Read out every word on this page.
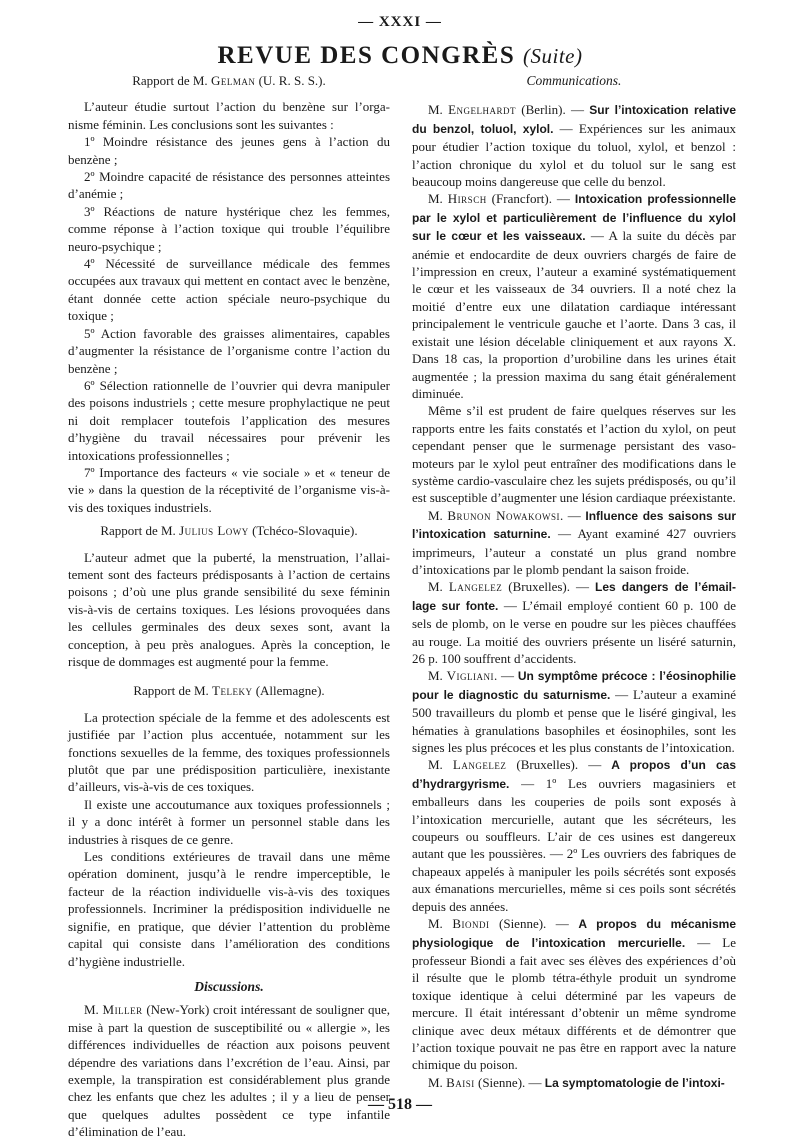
— XXXI —
REVUE DES CONGRÈS (Suite)

Rapport de M. Gelman (U. R. S. S.).

L’auteur étudie surtout l’action du benzène sur l’organisme féminin. Les conclusions sont les suivantes :

1º Moindre résistance des jeunes gens à l’action du benzène ;

2º Moindre capacité de résistance des personnes atteintes d’anémie ;

3º Réactions de nature hystérique chez les femmes, comme réponse à l’action toxique qui trouble l’équilibre neuro-psychique ;

4º Nécessité de surveillance médicale des femmes occupées aux travaux qui mettent en contact avec le benzène, étant donnée cette action spéciale neuro-psychique du toxique ;

5º Action favorable des graisses alimentaires, capables d’augmenter la résistance de l’organisme contre l’action du benzène ;

6º Sélection rationnelle de l’ouvrier qui devra manipuler des poisons industriels ; cette mesure prophylactique ne peut ni doit remplacer toutefois l’application des mesures d’hygiène du travail nécessaires pour prévenir les intoxications professionnelles ;

7º Importance des facteurs « vie sociale » et « teneur de vie » dans la question de la réceptivité de l’organisme vis-à-vis des toxiques industriels.

Rapport de M. Julius Lowy (Tchéco-Slovaquie).

L’auteur admet que la puberté, la menstruation, l’allaitement sont des facteurs prédisposants à l’action de certains poisons ; d’où une plus grande sensibilité du sexe féminin vis-à-vis de certains toxiques. Les lésions provoquées dans les cellules germinales des deux sexes sont, avant la conception, à peu près analogues. Après la conception, le risque de dommages est augmenté pour la femme.

Rapport de M. Teleky (Allemagne).

La protection spéciale de la femme et des adolescents est justifiée par l’action plus accentuée, notamment sur les fonctions sexuelles de la femme, des toxiques professionnels plutôt que par une prédisposition particulière, inexistante d’ailleurs, vis-à-vis de ces toxiques.

Il existe une accoutumance aux toxiques professionnels ; il y a donc intérêt à former un personnel stable dans les industries à risques de ce genre.

Les conditions extérieures de travail dans une même opération dominent, jusqu’à le rendre imperceptible, le facteur de la réaction individuelle vis-à-vis des toxiques professionnels. Incriminer la prédisposition individuelle ne signifie, en pratique, que dévier l’attention du problème capital qui consiste dans l’amélioration des conditions d’hygiène industrielle.

Discussions.

M. Miller (New-York) croit intéressant de souligner que, mise à part la question de susceptibilité ou « allergie », les différences individuelles de réaction aux poisons peuvent dépendre des variations dans l’excrétion de l’eau. Ainsi, par exemple, la transpiration est considérablement plus grande chez les enfants que chez les adultes ; il y a lieu de penser que quelques adultes possèdent ce type infantile d’élimination de l’eau.

Communications.

M. Engelhardt (Berlin). — Sur l’intoxication relative du benzol, toluol, xylol. — Expériences sur les animaux pour étudier l’action toxique du toluol, xylol, et benzol : l’action chronique du xylol et du toluol sur le sang est beaucoup moins dangereuse que celle du benzol.

M. Hirsch (Francfort). — Intoxication professionnelle par le xylol et particulièrement de l’influence du xylol sur le cœur et les vaisseaux. — A la suite du décès par anémie et endocardite de deux ouvriers chargés de faire de l’impression en creux, l’auteur a examiné systématiquement le cœur et les vaisseaux de 34 ouvriers. Il a noté chez la moitié d’entre eux une dilatation cardiaque intéressant principalement le ventricule gauche et l’aorte. Dans 3 cas, il existait une lésion décelable cliniquement et aux rayons X. Dans 18 cas, la proportion d’urobiline dans les urines était augmentée ; la pression maxima du sang était généralement diminuée.

Même s’il est prudent de faire quelques réserves sur les rapports entre les faits constatés et l’action du xylol, on peut cependant penser que le surmenage persistant des vaso-moteurs par le xylol peut entraîner des modifications dans le système cardio-vasculaire chez les sujets prédisposés, ou qu’il est susceptible d’augmenter une lésion cardiaque préexistante.

M. Brunon Nowakowsi. — Influence des saisons sur l’intoxication saturnine. — Ayant examiné 427 ouvriers imprimeurs, l’auteur a constaté un plus grand nombre d’intoxications par le plomb pendant la saison froide.

M. Langelez (Bruxelles). — Les dangers de l’émaillage sur fonte. — L’émail employé contient 60 p. 100 de sels de plomb, on le verse en poudre sur les pièces chauffées au rouge. La moitié des ouvriers présente un liséré saturnin, 26 p. 100 souffrent d’accidents.

M. Vigliani. — Un symptôme précoce : l’éosinophilie pour le diagnostic du saturnisme. — L’auteur a examiné 500 travailleurs du plomb et pense que le liséré gingival, les hématies à granulations basophiles et éosinophiles, sont les signes les plus précoces et les plus constants de l’intoxication.

M. Langelez (Bruxelles). — A propos d’un cas d’hydrargyrisme. — 1º Les ouvriers magasiniers et emballeurs dans les couperies de poils sont exposés à l’intoxication mercurielle, autant que les sécréteurs, les coupeurs ou souffleurs. L’air de ces usines est dangereux autant que les poussières. — 2º Les ouvriers des fabriques de chapeaux appelés à manipuler les poils sécrétés sont exposés aux émanations mercurielles, même si ces poils sont sécrétés depuis des années.

M. Biondi (Sienne). — A propos du mécanisme physiologique de l’intoxication mercurielle. — Le professeur Biondi a fait avec ses élèves des expériences d’où il résulte que le plomb tétra-éthyle produit un syndrome toxique identique à celui déterminé par les vapeurs de mercure. Il était intéressant d’obtenir un même syndrome clinique avec deux métaux différents et de démontrer que l’action toxique pouvait ne pas être en rapport avec la nature chimique du poison.

M. Baisi (Sienne). — La symptomatologie de l’intoxi-

— 518 —
